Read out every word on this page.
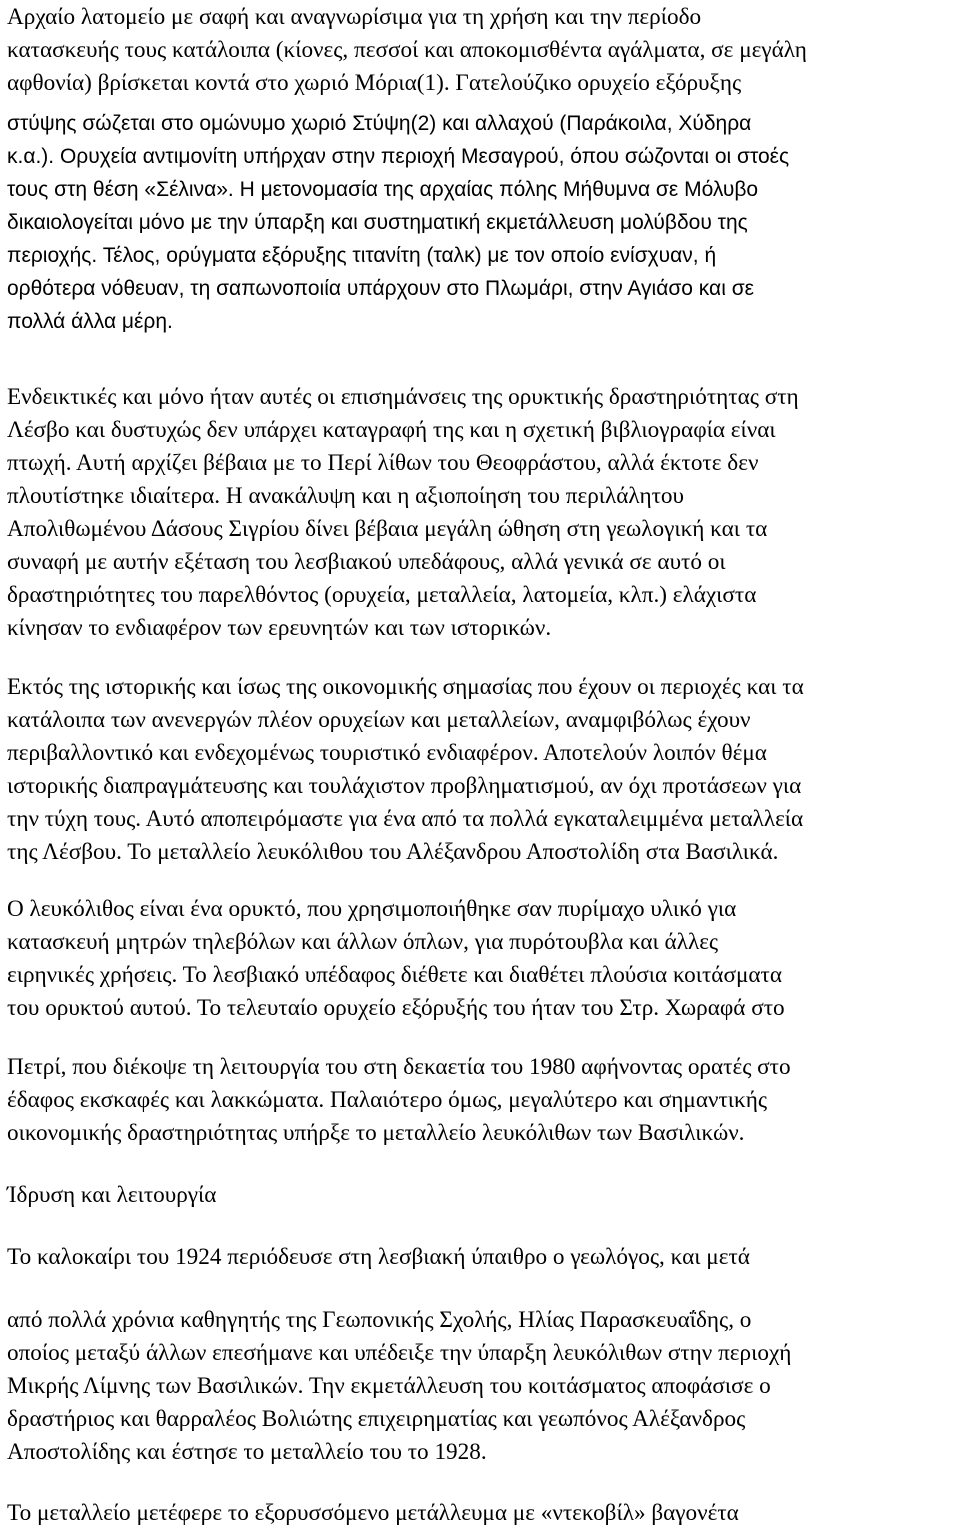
Αρχαίο λατομείο με σαφή και αναγνωρίσιμα για τη χρήση και την περίοδο
κατασκευής τους κατάλοιπα (κίονες, πεσσοί και αποκομισθέντα αγάλματα, σε μεγάλη
αφθονία) βρίσκεται κοντά στο χωριό Μόρια(1). Γατελούζικο ορυχείο εξόρυξης
στύψης σώζεται στο ομώνυμο χωριό Στύψη(2) και αλλαχού (Παράκοιλα, Χύδηρα
κ.α.). Ορυχεία αντιμονίτη υπήρχαν στην περιοχή Μεσαγρού, όπου σώζονται οι στοές
τους στη θέση «Σέλινα». Η μετονομασία της αρχαίας πόλης Μήθυμνα σε Μόλυβο
δικαιολογείται μόνο με την ύπαρξη και συστηματική εκμετάλλευση μολύβδου της
περιοχής. Τέλος, ορύγματα εξόρυξης τιτανίτη (ταλκ) με τον οποίο ενίσχυαν, ή
ορθότερα νόθευαν, τη σαπωνοποιία υπάρχουν στο Πλωμάρι, στην Αγιάσο και σε
πολλά άλλα μέρη.
Ενδεικτικές και μόνο ήταν αυτές οι επισημάνσεις της ορυκτικής δραστηριότητας στη
Λέσβο και δυστυχώς δεν υπάρχει καταγραφή της και η σχετική βιβλιογραφία είναι
πτωχή. Αυτή αρχίζει βέβαια με το Περί λίθων του Θεοφράστου, αλλά έκτοτε δεν
πλουτίστηκε ιδιαίτερα. Η ανακάλυψη και η αξιοποίηση του περιλάλητου
Απολιθωμένου Δάσους Σιγρίου δίνει βέβαια μεγάλη ώθηση στη γεωλογική και τα
συναφή με αυτήν εξέταση του λεσβιακού υπεδάφους, αλλά γενικά σε αυτό οι
δραστηριότητες του παρελθόντος (ορυχεία, μεταλλεία, λατομεία, κλπ.) ελάχιστα
κίνησαν το ενδιαφέρον των ερευνητών και των ιστορικών.
Εκτός της ιστορικής και ίσως της οικονομικής σημασίας που έχουν οι περιοχές και τα
κατάλοιπα των ανενεργών πλέον ορυχείων και μεταλλείων, αναμφιβόλως έχουν
περιβαλλοντικό και ενδεχομένως τουριστικό ενδιαφέρον. Αποτελούν λοιπόν θέμα
ιστορικής διαπραγμάτευσης και τουλάχιστον προβληματισμού, αν όχι προτάσεων για
την τύχη τους. Αυτό αποπειρόμαστε για ένα από τα πολλά εγκαταλειμμένα μεταλλεία
της Λέσβου. Το μεταλλείο λευκόλιθου του Αλέξανδρου Αποστολίδη στα Βασιλικά.
Ο λευκόλιθος είναι ένα ορυκτό, που χρησιμοποιήθηκε σαν πυρίμαχο υλικό για
κατασκευή μητρών τηλεβόλων και άλλων όπλων, για πυρότουβλα και άλλες
ειρηνικές χρήσεις. Το λεσβιακό υπέδαφος διέθετε και διαθέτει πλούσια κοιτάσματα
του ορυκτού αυτού. Το τελευταίο ορυχείο εξόρυξής του ήταν του Στρ. Χωραφά στο
Πετρί, που διέκοψε τη λειτουργία του στη δεκαετία του 1980 αφήνοντας ορατές στο
έδαφος εκσκαφές και λακκώματα. Παλαιότερο όμως, μεγαλύτερο και σημαντικής
οικονομικής δραστηριότητας υπήρξε το μεταλλείο λευκόλιθων των Βασιλικών.
Ίδρυση και λειτουργία
Το καλοκαίρι του 1924 περιόδευσε στη λεσβιακή ύπαιθρο ο γεωλόγος, και μετά
από πολλά χρόνια καθηγητής της Γεωπονικής Σχολής, Ηλίας Παρασκευαΐδης, ο
οποίος μεταξύ άλλων επεσήμανε και υπέδειξε την ύπαρξη λευκόλιθων στην περιοχή
Μικρής Λίμνης των Βασιλικών. Την εκμετάλλευση του κοιτάσματος αποφάσισε ο
δραστήριος και θαρραλέος Βολιώτης επιχειρηματίας και γεωπόνος Αλέξανδρος
Αποστολίδης και έστησε το μεταλλείο του το 1928.
Το μεταλλείο μετέφερε το εξορυσσόμενο μετάλλευμα με «ντεκοβίλ» βαγονέτα
